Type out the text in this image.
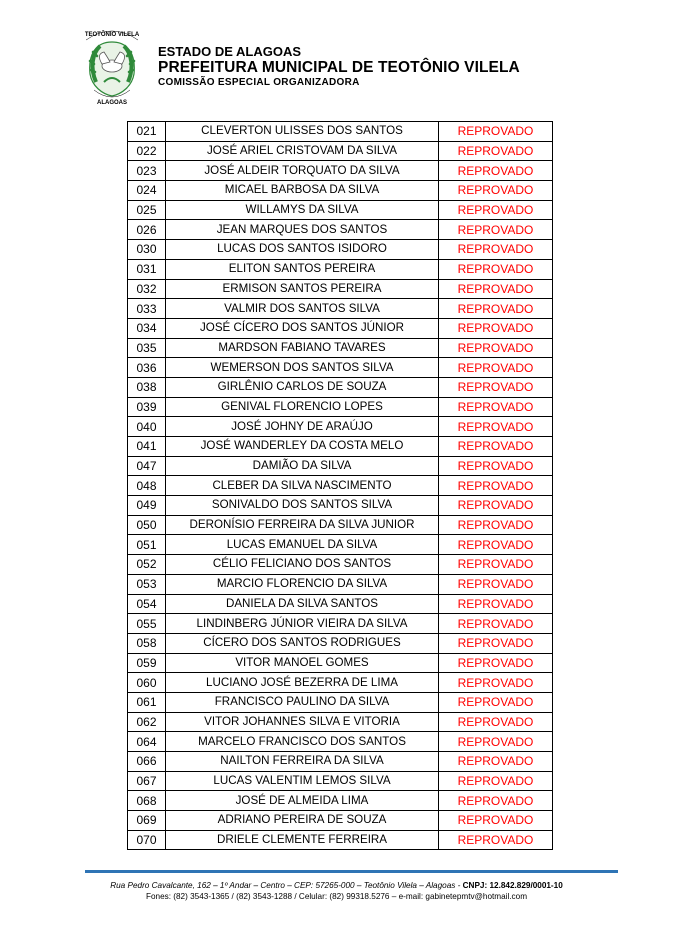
TEOTÔNIO VILELA
ALAGOAS
ESTADO DE ALAGOAS
PREFEITURA MUNICIPAL DE TEOTÔNIO VILELA
COMISSÃO ESPECIAL ORGANIZADORA
021	CLEVERTON ULISSES DOS SANTOS	REPROVADO
022	JOSÉ ARIEL CRISTOVAM DA SILVA	REPROVADO
023	JOSÉ ALDEIR TORQUATO DA SILVA	REPROVADO
024	MICAEL BARBOSA DA SILVA	REPROVADO
025	WILLAMYS DA SILVA	REPROVADO
026	JEAN MARQUES DOS SANTOS	REPROVADO
030	LUCAS DOS SANTOS ISIDORO	REPROVADO
031	ELITON SANTOS PEREIRA	REPROVADO
032	ERMISON SANTOS PEREIRA	REPROVADO
033	VALMIR DOS SANTOS SILVA	REPROVADO
034	JOSÉ CÍCERO DOS SANTOS JÚNIOR	REPROVADO
035	MARDSON FABIANO TAVARES	REPROVADO
036	WEMERSON DOS SANTOS SILVA	REPROVADO
038	GIRLÊNIO CARLOS DE SOUZA	REPROVADO
039	GENIVAL FLORENCIO LOPES	REPROVADO
040	JOSÉ JOHNY DE ARAÚJO	REPROVADO
041	JOSÉ WANDERLEY DA COSTA MELO	REPROVADO
047	DAMIÃO DA SILVA	REPROVADO
048	CLEBER DA SILVA NASCIMENTO	REPROVADO
049	SONIVALDO DOS SANTOS SILVA	REPROVADO
050	DERONÍSIO FERREIRA DA SILVA JUNIOR	REPROVADO
051	LUCAS EMANUEL DA SILVA	REPROVADO
052	CÉLIO FELICIANO DOS SANTOS	REPROVADO
053	MARCIO FLORENCIO DA SILVA	REPROVADO
054	DANIELA DA SILVA SANTOS	REPROVADO
055	LINDINBERG JÚNIOR VIEIRA DA SILVA	REPROVADO
058	CÍCERO DOS SANTOS RODRIGUES	REPROVADO
059	VITOR MANOEL GOMES	REPROVADO
060	LUCIANO JOSÉ BEZERRA DE LIMA	REPROVADO
061	FRANCISCO PAULINO DA SILVA	REPROVADO
062	VITOR JOHANNES SILVA E VITORIA	REPROVADO
064	MARCELO FRANCISCO DOS SANTOS	REPROVADO
066	NAILTON FERREIRA DA SILVA	REPROVADO
067	LUCAS VALENTIM LEMOS SILVA	REPROVADO
068	JOSÉ DE ALMEIDA LIMA	REPROVADO
069	ADRIANO PEREIRA DE SOUZA	REPROVADO
070	DRIELE CLEMENTE FERREIRA	REPROVADO
Rua Pedro Cavalcante, 162 – 1º Andar – Centro – CEP: 57265-000 – Teotônio Vilela – Alagoas - CNPJ: 12.842.829/0001-10
Fones: (82) 3543-1365 / (82) 3543-1288 / Celular: (82) 99318.5276 – e-mail: gabinetepmtv@hotmail.com
